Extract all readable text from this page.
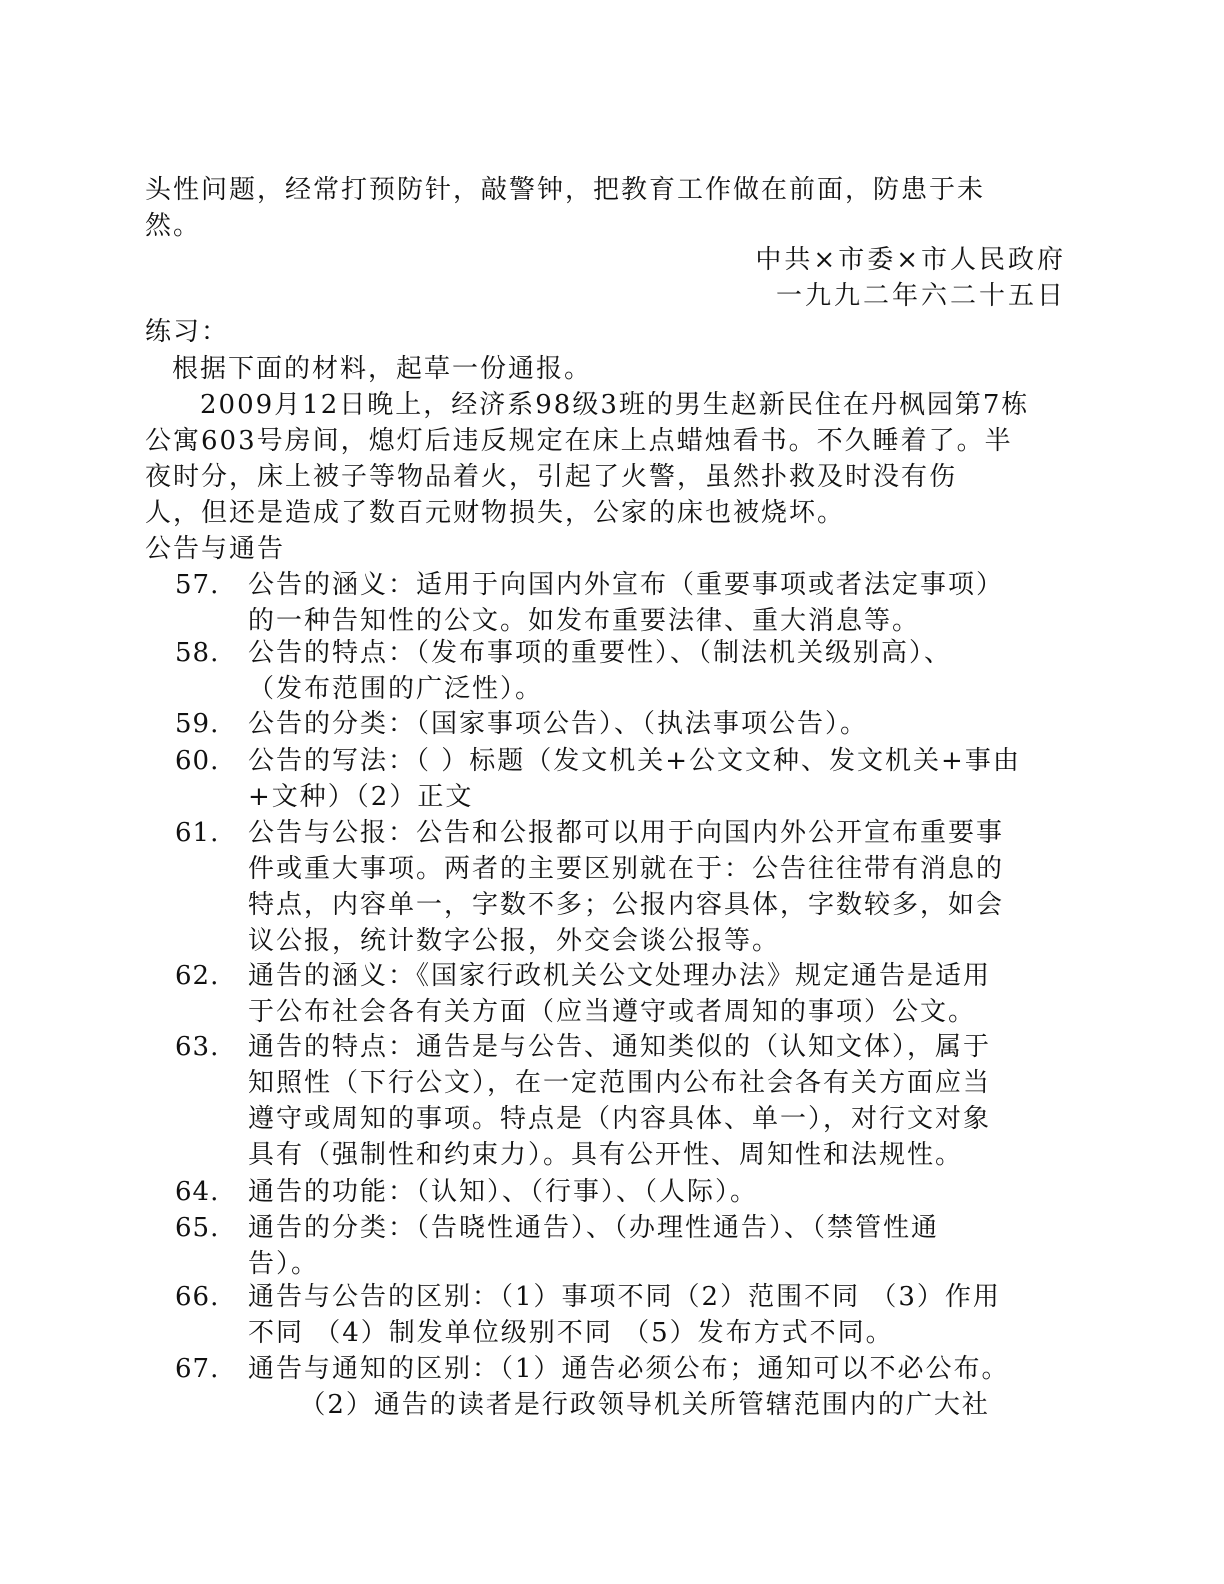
头性问题，经常打预防针，敲警钟，把教育工作做在前面，防患于未
然。
中共×市委×市人民政府
一九九二年六二十五日
练习：
根据下面的材料，起草一份通报。
2009月12日晚上，经济系98级3班的男生赵新民住在丹枫园第7栋
公寓603号房间，熄灯后违反规定在床上点蜡烛看书。不久睡着了。半
夜时分，床上被子等物品着火，引起了火警，虽然扑救及时没有伤
人，但还是造成了数百元财物损失，公家的床也被烧坏。
公告与通告
57. 公告的涵义：适用于向国内外宣布（重要事项或者法定事项）
的一种告知性的公文。如发布重要法律、重大消息等。
58. 公告的特点：（发布事项的重要性）、（制法机关级别高）、
（发布范围的广泛性）。
59. 公告的分类：（国家事项公告）、（执法事项公告）。
60. 公告的写法：（ ）标题（发文机关+公文文种、发文机关+事由
+文种）（2）正文
61. 公告与公报：公告和公报都可以用于向国内外公开宣布重要事
件或重大事项。两者的主要区别就在于：公告往往带有消息的
特点，内容单一，字数不多；公报内容具体，字数较多，如会
议公报，统计数字公报，外交会谈公报等。
62. 通告的涵义：《国家行政机关公文处理办法》规定通告是适用
于公布社会各有关方面（应当遵守或者周知的事项）公文。
63. 通告的特点：通告是与公告、通知类似的（认知文体），属于
知照性（下行公文），在一定范围内公布社会各有关方面应当
遵守或周知的事项。特点是（内容具体、单一），对行文对象
具有（强制性和约束力）。具有公开性、周知性和法规性。
64. 通告的功能：（认知）、（行事）、（人际）。
65. 通告的分类：（告晓性通告）、（办理性通告）、（禁管性通
告）。
66. 通告与公告的区别：（1）事项不同（2）范围不同 （3）作用
不同 （4）制发单位级别不同 （5）发布方式不同。
67. 通告与通知的区别：（1）通告必须公布；通知可以不必公布。
（2）通告的读者是行政领导机关所管辖范围内的广大社
